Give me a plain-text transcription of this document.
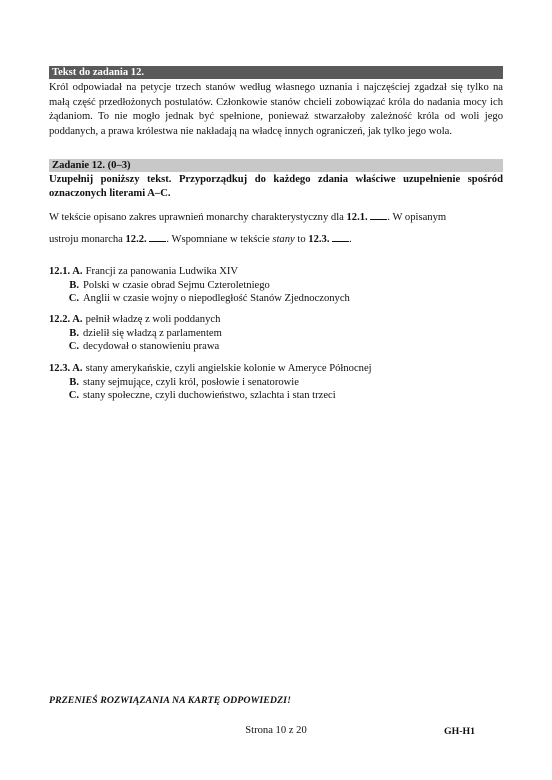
Tekst do zadania 12.
Król odpowiadał na petycje trzech stanów według własnego uznania i najczęściej zgadzał się tylko na małą część przedłożonych postulatów. Członkowie stanów chcieli zobowiązać króla do nadania mocy ich żądaniom. To nie mogło jednak być spełnione, ponieważ stwarzałoby zależność króla od woli jego poddanych, a prawa królestwa nie nakładają na władcę innych ograniczeń, jak tylko jego wola.
Zadanie 12. (0–3)
Uzupełnij poniższy tekst. Przyporządkuj do każdego zdania właściwe uzupełnienie spośród oznaczonych literami A–C.
W tekście opisano zakres uprawnień monarchy charakterystyczny dla 12.1. . W opisanym
ustroju monarcha 12.2. . Wspomniane w tekście stany to 12.3. .
12.1. A. Francji za panowania Ludwika XIV
B. Polski w czasie obrad Sejmu Czteroletniego
C. Anglii w czasie wojny o niepodległość Stanów Zjednoczonych
12.2. A. pełnił władzę z woli poddanych
B. dzielił się władzą z parlamentem
C. decydował o stanowieniu prawa
12.3. A. stany amerykańskie, czyli angielskie kolonie w Ameryce Północnej
B. stany sejmujące, czyli król, posłowie i senatorowie
C. stany społeczne, czyli duchowieństwo, szlachta i stan trzeci
PRZENIEŚ ROZWIĄZANIA NA KARTĘ ODPOWIEDZI!
Strona 10 z 20	GH-H1
